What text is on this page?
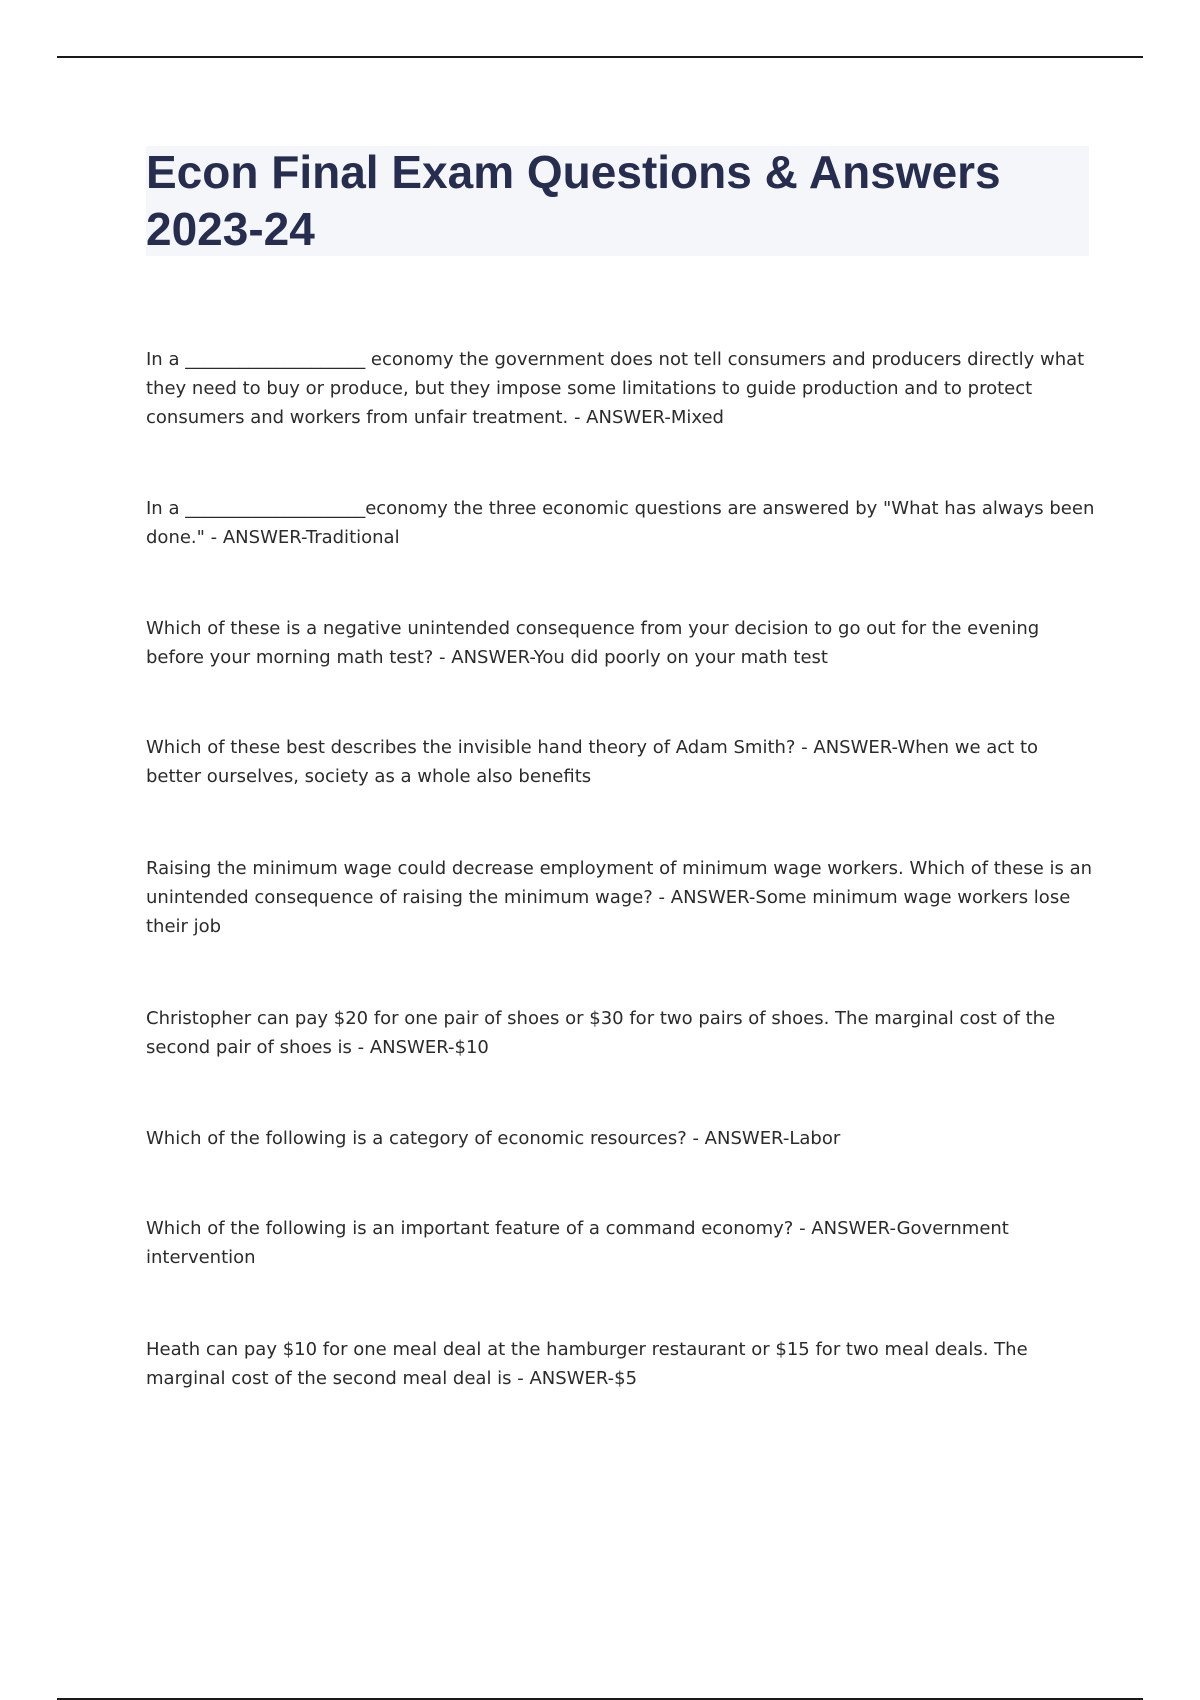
Econ Final Exam Questions & Answers 2023-24

In a ____________________ economy the government does not tell consumers and producers directly what they need to buy or produce, but they impose some limitations to guide production and to protect consumers and workers from unfair treatment. - ANSWER-Mixed

In a ____________________economy the three economic questions are answered by "What has always been done." - ANSWER-Traditional

Which of these is a negative unintended consequence from your decision to go out for the evening before your morning math test? - ANSWER-You did poorly on your math test

Which of these best describes the invisible hand theory of Adam Smith? - ANSWER-When we act to better ourselves, society as a whole also benefits

Raising the minimum wage could decrease employment of minimum wage workers. Which of these is an unintended consequence of raising the minimum wage? - ANSWER-Some minimum wage workers lose their job

Christopher can pay $20 for one pair of shoes or $30 for two pairs of shoes. The marginal cost of the second pair of shoes is - ANSWER-$10

Which of the following is a category of economic resources? - ANSWER-Labor

Which of the following is an important feature of a command economy? - ANSWER-Government intervention

Heath can pay $10 for one meal deal at the hamburger restaurant or $15 for two meal deals. The marginal cost of the second meal deal is - ANSWER-$5
